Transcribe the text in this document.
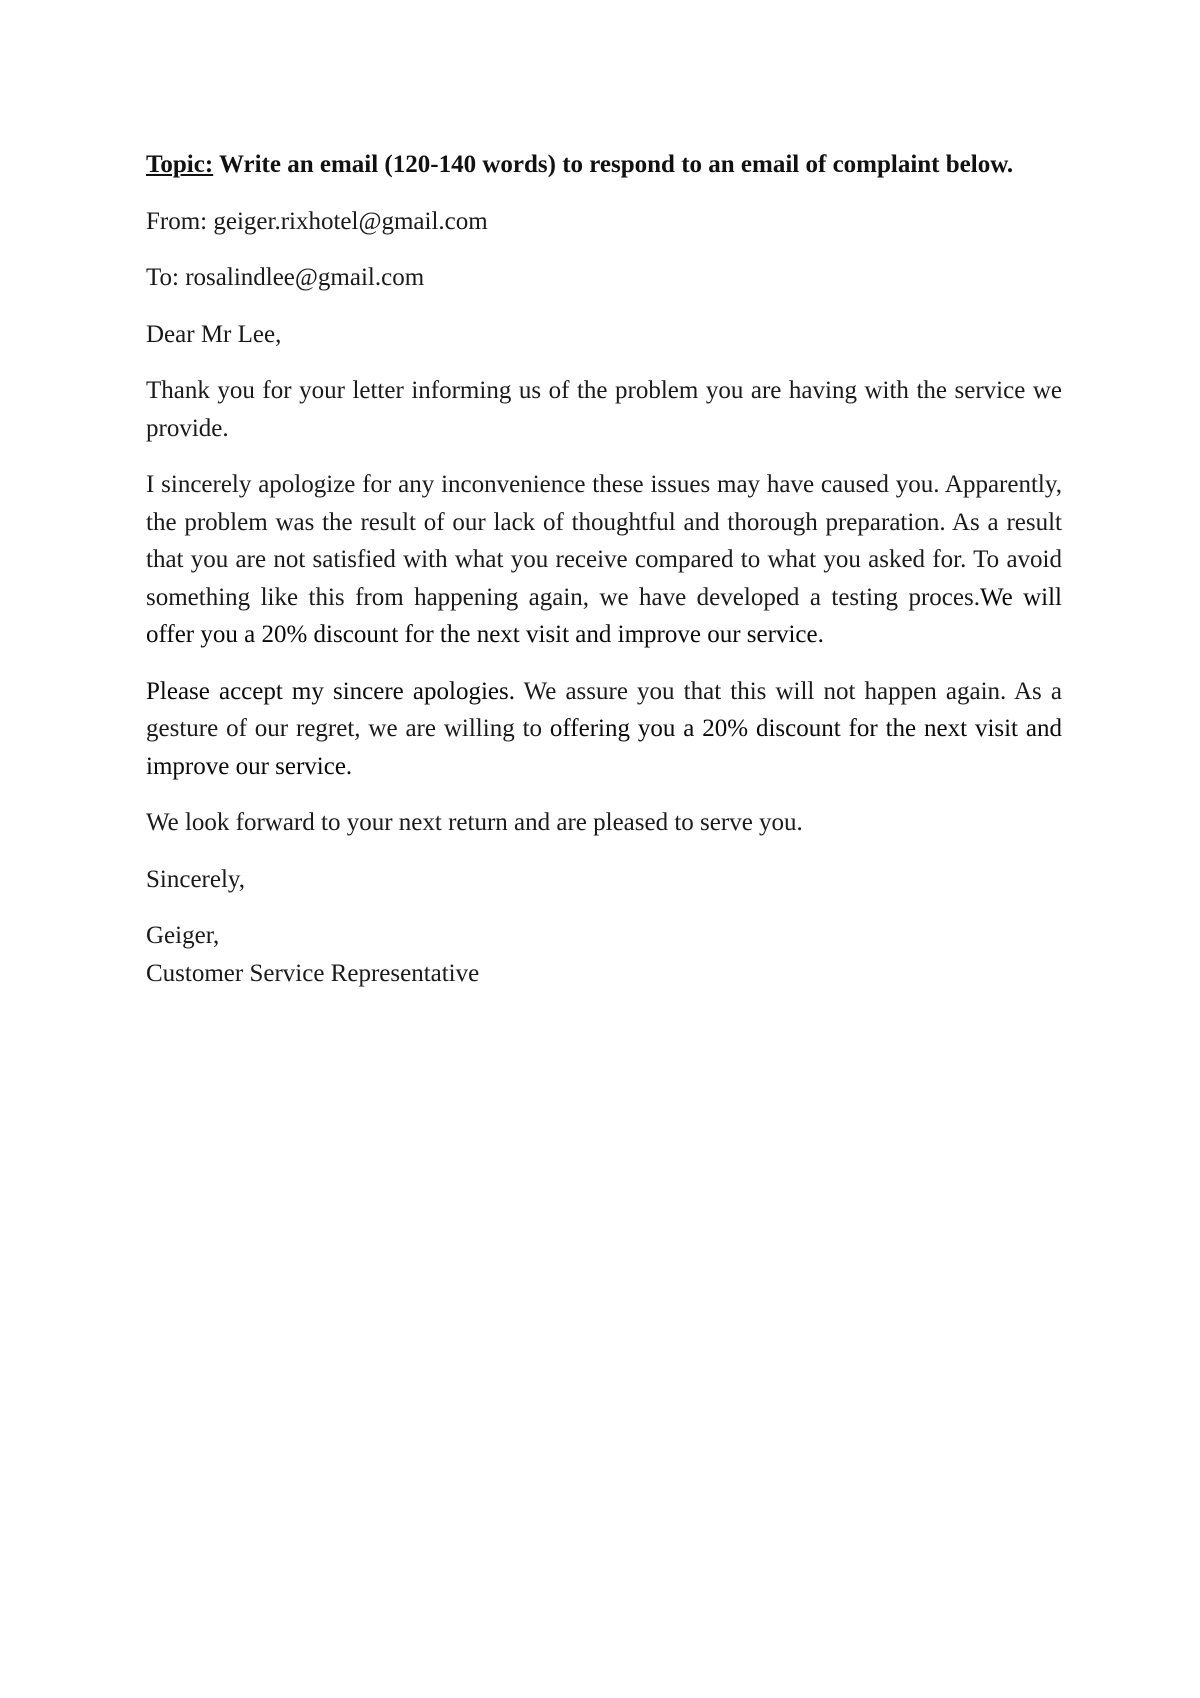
Topic: Write an email (120-140 words) to respond to an email of complaint below.

From: geiger.rixhotel@gmail.com

To: rosalindlee@gmail.com

Dear Mr Lee,

Thank you for your letter informing us of the problem you are having with the service we provide.

I sincerely apologize for any inconvenience these issues may have caused you. Apparently, the problem was the result of our lack of thoughtful and thorough preparation. As a result that you are not satisfied with what you receive compared to what you asked for. To avoid something like this from happening again, we have developed a testing proces.We will offer you a 20% discount for the next visit and improve our service.

Please accept my sincere apologies. We assure you that this will not happen again. As a gesture of our regret, we are willing to offering you a 20% discount for the next visit and improve our service.

We look forward to your next return and are pleased to serve you.

Sincerely,

Geiger,
Customer Service Representative
